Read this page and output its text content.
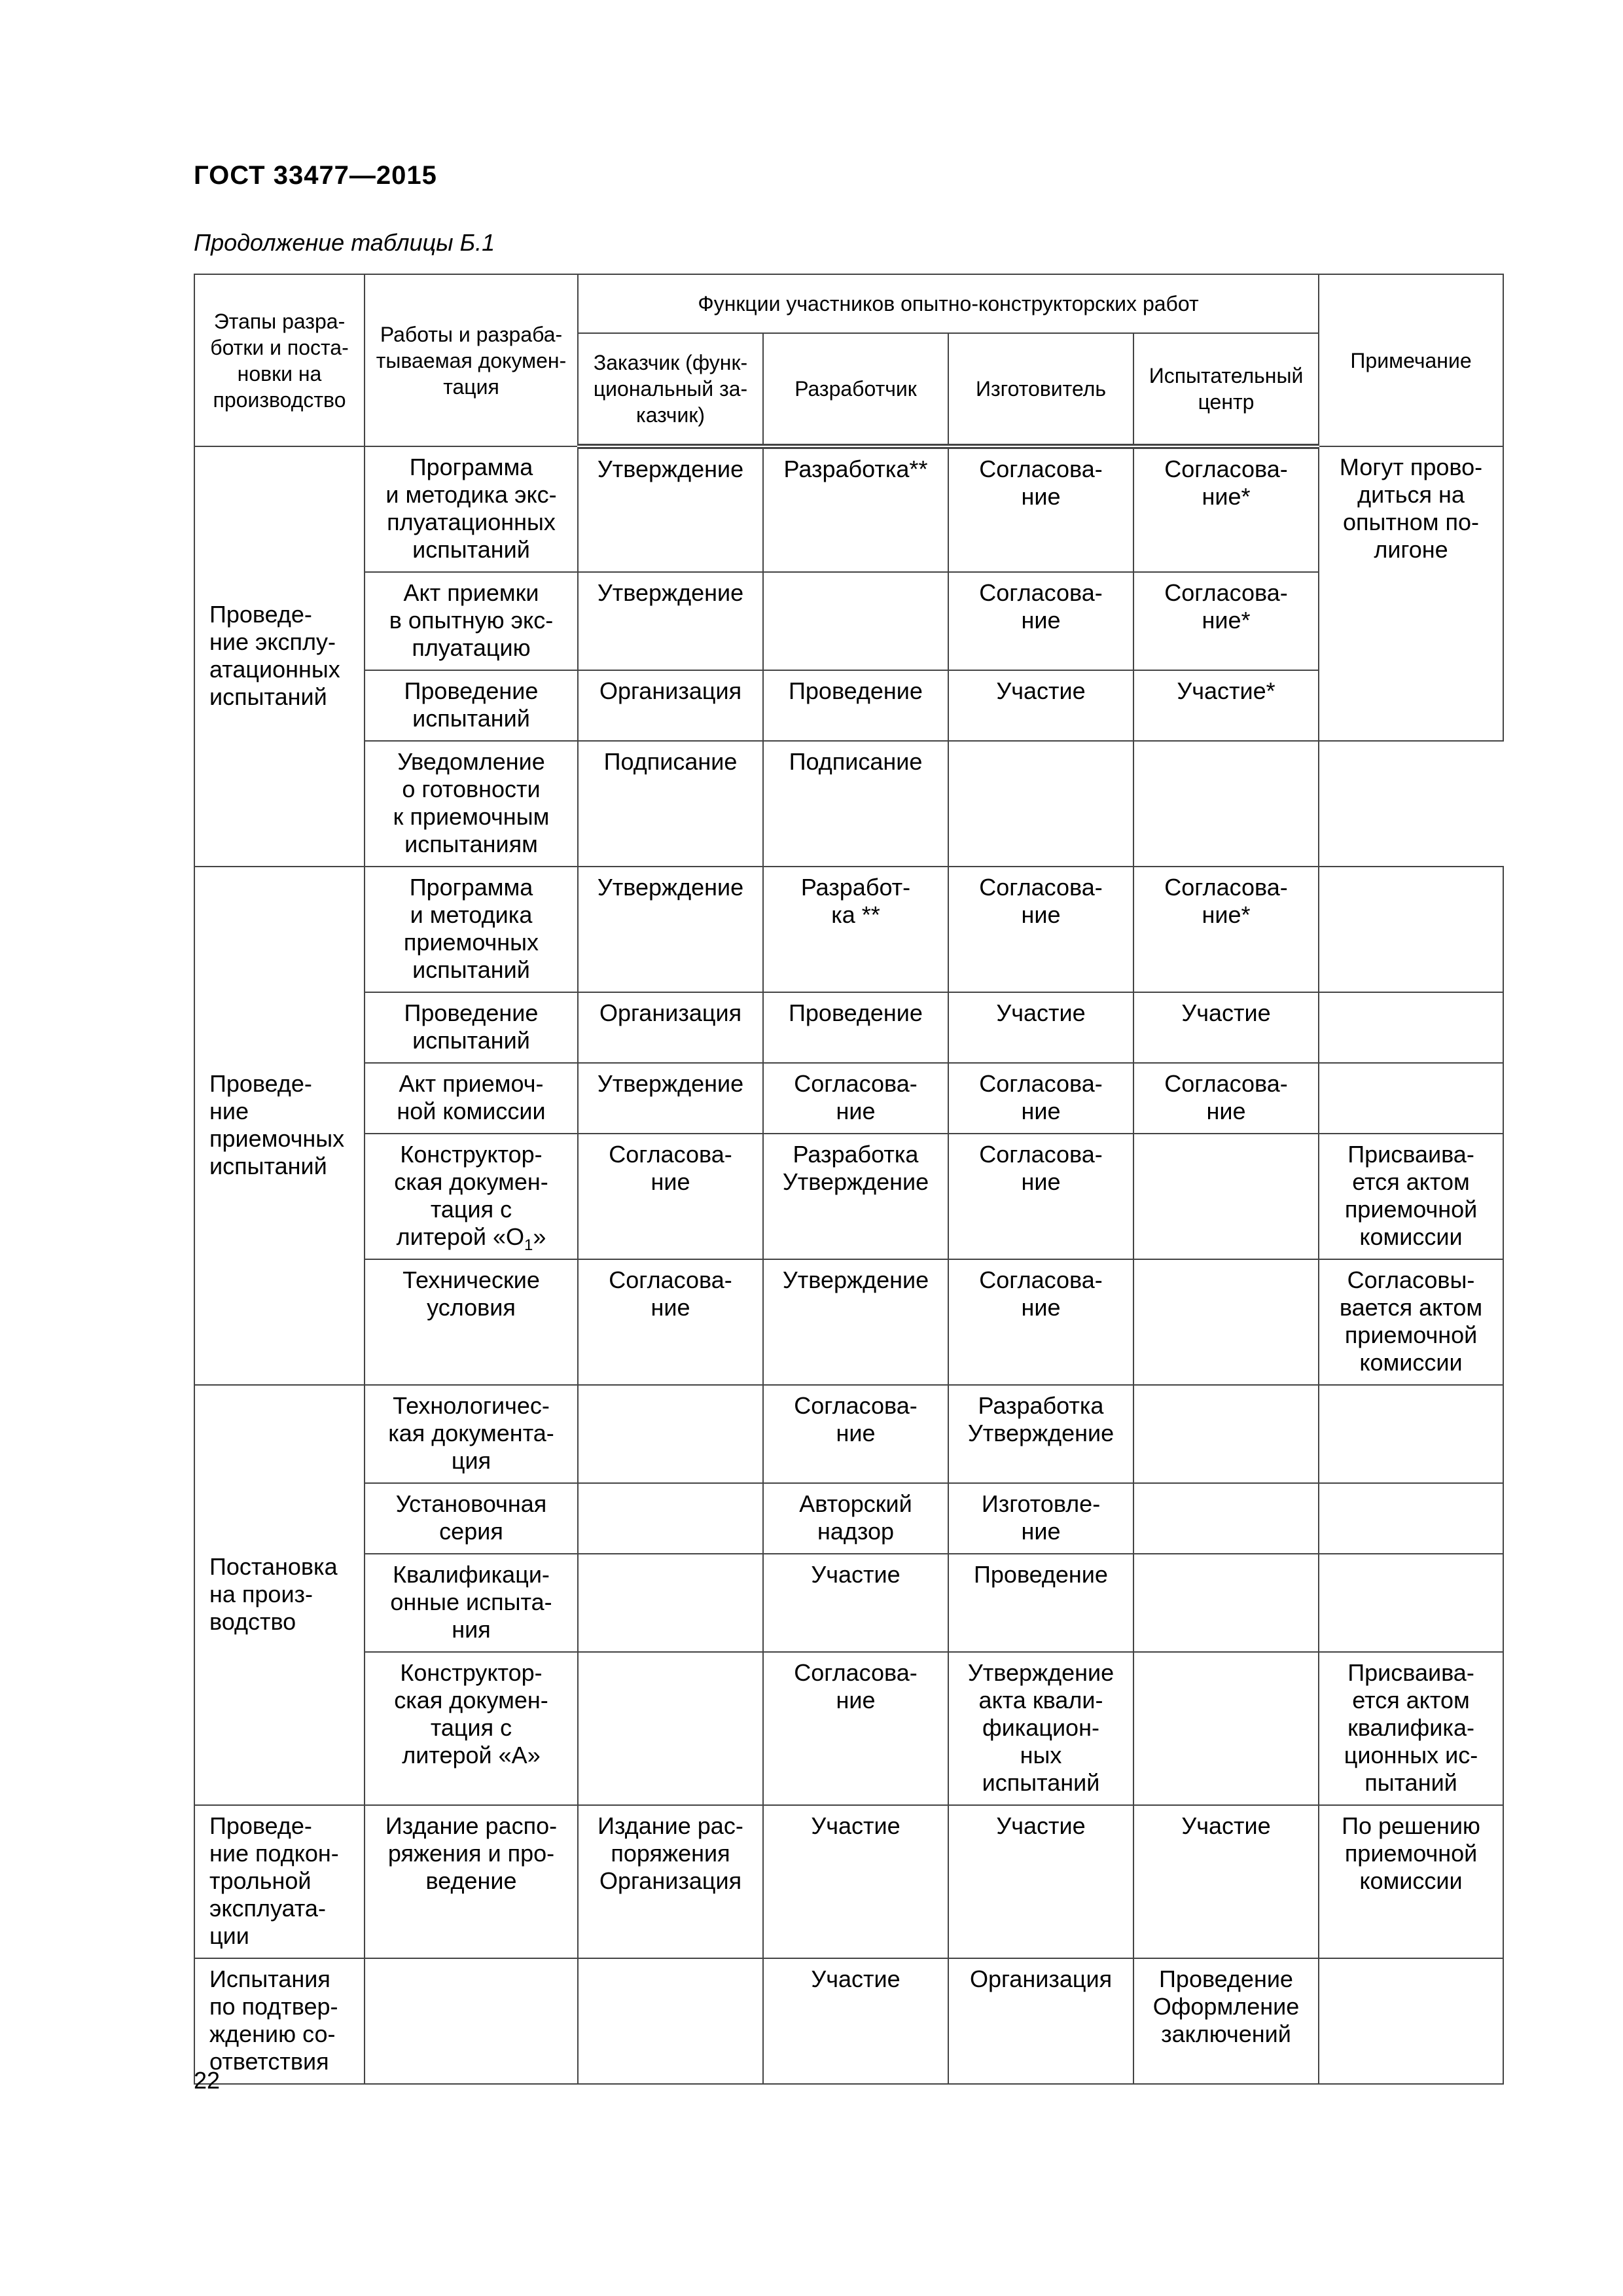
ГОСТ 33477—2015
Продолжение таблицы Б.1
Этапы разра-
ботки и поста-
новки на
производство	Работы и разраба-
тываемая докумен-
тация	Функции участников опытно-конструкторских работ				Примечание
		Заказчик (функ-
циональный за-
казчик)	Разработчик	Изготовитель	Испытательный
центр	
Проведе-
ние эксплу-
атационных
испытаний	Программа
и методика экс-
плуатационных
испытаний	Утверждение	Разработка**	Согласова-
ние	Согласова-
ние*	Могут прово-
диться на
опытном по-
лигоне
	Акт приемки
в опытную экс-
плуатацию	Утверждение		Согласова-
ние	Согласова-
ние*	
	Проведение
испытаний	Организация	Проведение	Участие	Участие*	
	Уведомление
о готовности
к приемочным
испытаниям	Подписание	Подписание			
Проведе-
ние приемочных
испытаний	Программа
и методика
приемочных
испытаний	Утверждение	Разработ-
ка **	Согласова-
ние	Согласова-
ние*	
	Проведение
испытаний	Организация	Проведение	Участие	Участие	
	Акт приемоч-
ной комиссии	Утверждение	Согласова-
ние	Согласова-
ние	Согласова-
ние	
	Конструктор-
ская докумен-
тация с
литерой «$О_1$»	Согласова-
ние	Разработка
Утверждение	Согласова-
ние		Присваива-
ется актом
приемочной
комиссии
	Технические
условия	Согласова-
ние	Утверждение	Согласова-
ние		Согласовы-
вается актом
приемочной
комиссии
Постановка
на произ-
водство	Технологичес-
кая документа-
ция		Согласова-
ние	Разработка
Утверждение		
	Установочная
серия		Авторский
надзор	Изготовле-
ние		
	Квалификаци-
онные испыта-
ния		Участие	Проведение		
	Конструктор-
ская докумен-
тация с
литерой «А»		Согласова-
ние	Утверждение
акта квали-
фикацион-
ных
испытаний		Присваива-
ется актом
квалифика-
ционных ис-
пытаний
Проведе-
ние подкон-
трольной
эксплуата-
ции	Издание распо-
ряжения и про-
ведение	Издание рас-
поряжения
Организация	Участие	Участие	Участие	По решению
приемочной
комиссии
Испытания
по подтвер-
ждению со-
ответствия			Участие	Организация	Проведение
Оформление
заключений	
22
